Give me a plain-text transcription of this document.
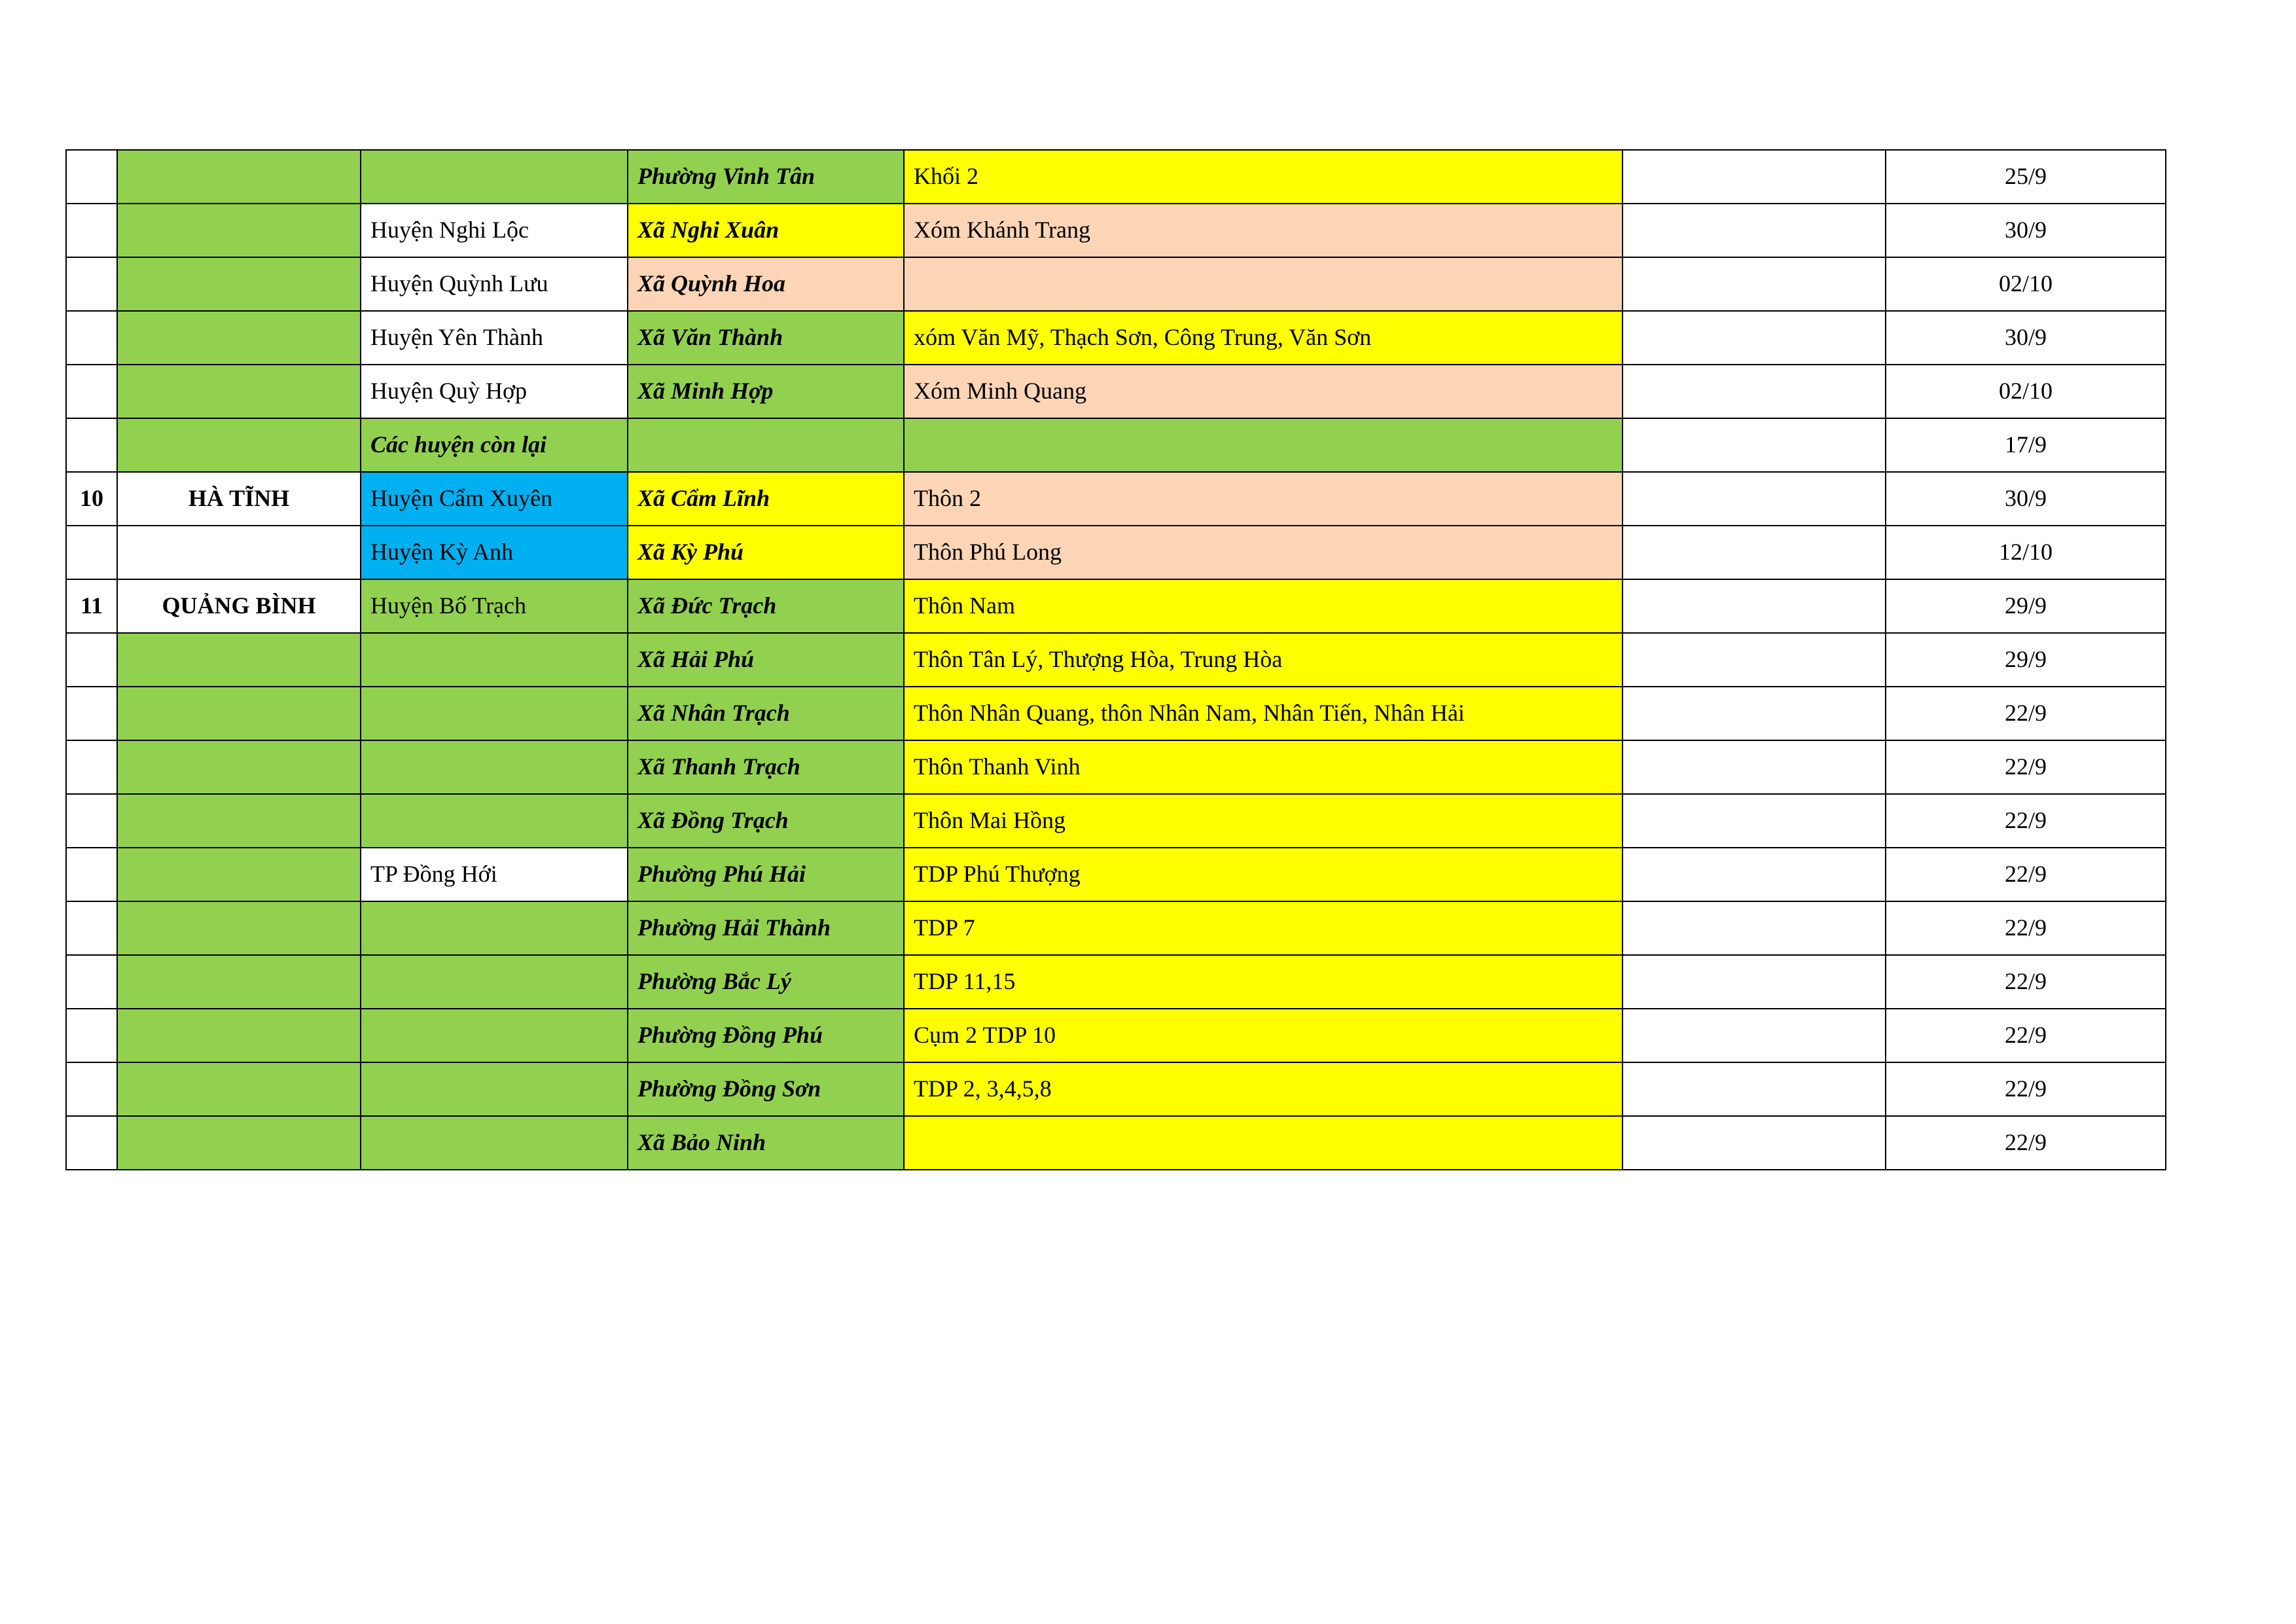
			Phường Vinh Tân	Khối 2		25/9
		Huyện Nghi Lộc	Xã Nghi Xuân	Xóm Khánh Trang		30/9
		Huyện Quỳnh Lưu	Xã Quỳnh Hoa			02/10
		Huyện Yên Thành	Xã Văn Thành	xóm Văn Mỹ, Thạch Sơn, Công Trung, Văn Sơn		30/9
		Huyện Quỳ Hợp	Xã Minh Hợp	Xóm Minh Quang		02/10
		Các huyện còn lại				17/9
10	HÀ TĨNH	Huyện Cẩm Xuyên	Xã Cẩm Lĩnh	Thôn 2		30/9
		Huyện Kỳ Anh	Xã Kỳ Phú	Thôn Phú Long		12/10
11	QUẢNG BÌNH	Huyện Bố Trạch	Xã Đức Trạch	Thôn Nam		29/9
			Xã Hải Phú	Thôn Tân Lý, Thượng Hòa, Trung Hòa		29/9
			Xã Nhân Trạch	Thôn Nhân Quang, thôn Nhân Nam, Nhân Tiến, Nhân Hải		22/9
			Xã Thanh Trạch	Thôn Thanh Vinh		22/9
			Xã Đồng Trạch	Thôn Mai Hồng		22/9
		TP Đồng Hới	Phường Phú Hải	TDP Phú Thượng		22/9
			Phường Hải Thành	TDP 7		22/9
			Phường Bắc Lý	TDP 11,15		22/9
			Phường Đồng Phú	Cụm 2 TDP 10		22/9
			Phường Đồng Sơn	TDP 2, 3,4,5,8		22/9
			Xã Bảo Ninh			22/9
